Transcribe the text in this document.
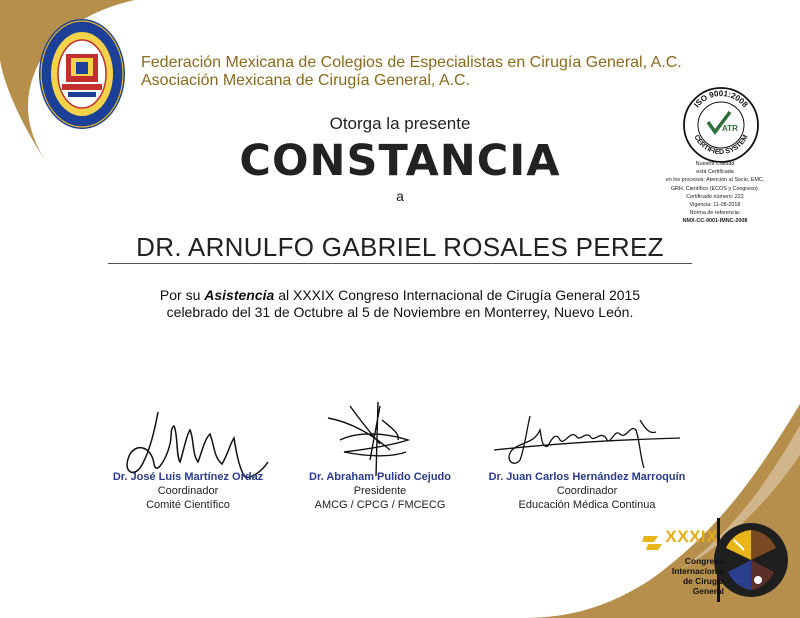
Federación Mexicana de Colegios de Especialistas en Cirugía General, A.C.
Asociación Mexicana de Cirugía General, A.C.
ISO 9001:2008
CERTIFIED SYSTEM
ATR
Nuestra Calidad
está Certificada
en los procesos: Atención al Socio, EMC,
GRH, Científico (ECOS y Congreso).
Certificado número: 222
Vigencia: 11-08-2018
Norma de referencia:
NMX-CC-9001-IMNC-2008
Otorga la presente
CONSTANCIA
a
DR. ARNULFO GABRIEL ROSALES PEREZ
Por su Asistencia al XXXIX Congreso Internacional de Cirugía General 2015
celebrado del 31 de Octubre al 5 de Noviembre en Monterrey, Nuevo León.
Dr. José Luis Martínez Ordaz
Coordinador
Comité Científico
Dr. Abraham Pulido Cejudo
Presidente
AMCG / CPCG / FMCECG
Dr. Juan Carlos Hernández Marroquín
Coordinador
Educación Médica Continua
XXXIX
Congreso
Internacional
de Cirugía
General
